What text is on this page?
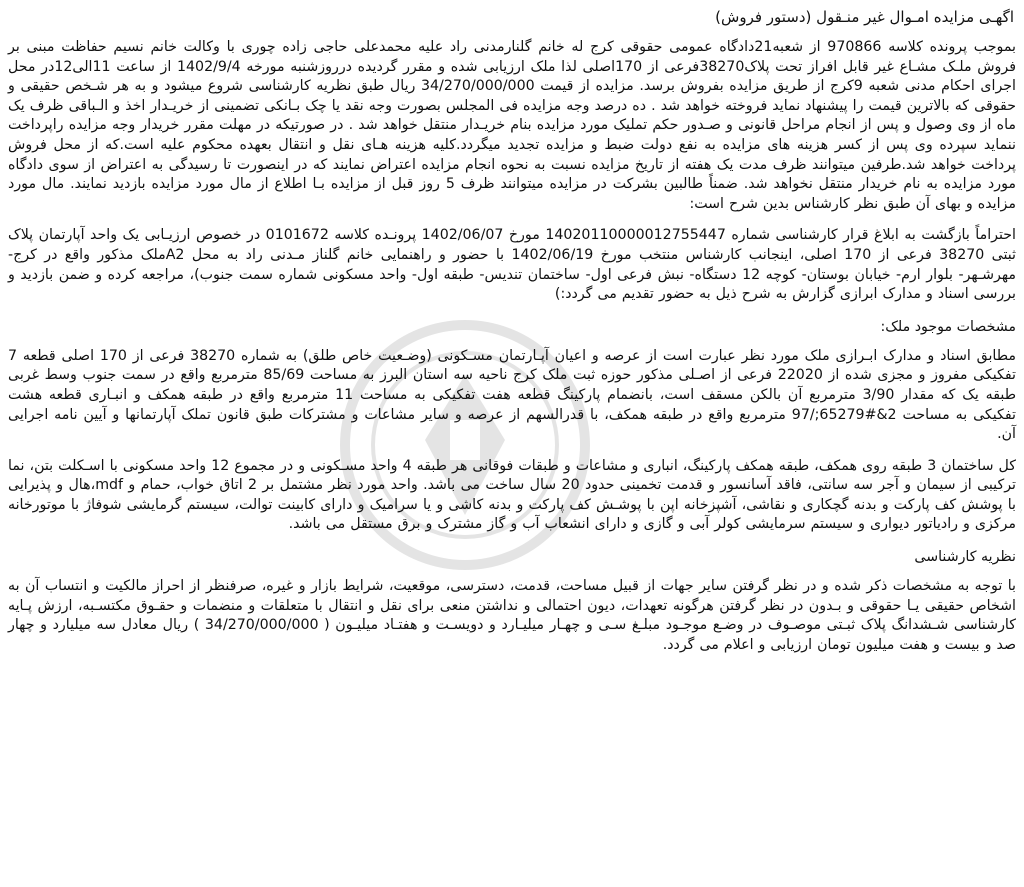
اگهـی مزایده امـوال غیر منـقول (دستور فروش)

بموجب پرونده کلاسه 970866 از شعبه21دادگاه عمومی حقوقی کرج له خانم گلنارمدنی راد علیه محمدعلی حاجی زاده چوری با وکالت خانم نسیم حفاظت مبنی بر فروش ملـک مشـاع غیر قابل افراز تحت پلاک38270فرعی از 170اصلی لذا ملک ارزیابی شده و مقرر گردیده درروزشنبه مورخه 1402/9/4 از ساعت 11الی12در محل اجرای احکام مدنی شعبه 9کرج از طریق مزایده بفروش برسد. مزایده از قیمت 34/270/000/000 ریال طبق نظریه کارشناسی شروع میشود و به هر شـخص حقیقی و حقوقی که بالاترین قیمت را پیشنهاد نماید فروخته خواهد شد . ده درصد وجه مزایده فی المجلس بصورت وجه نقد یا چک بـانکی تضمینی از خریـدار اخذ و الـباقی ظرف یک ماه از وی وصول و پس از انجام مراحل قانونی و صـدور حکم تملیک مورد مزایده بنام خریـدار منتقل خواهد شد . در صورتیکه در مهلت مقرر خریدار وجه مزایده راپرداخت ننماید سپرده وی پس از کسر هزینه های مزایده به نفع دولت ضبط و مزایده تجدید میگردد.کلیه هزینه هـای نقل و انتقال بعهده محکوم علیه است.که از محل فروش پرداخت خواهد شد.طرفین میتوانند ظرف مدت یک هفته از تاریخ مزایده نسبت به نحوه انجام مزایده اعتراض نمایند که در اینصورت تا رسیدگی به اعتراض از سوی دادگاه مورد مزایده به نام خریدار منتقل نخواهد شد. ضمناً طالبین بشرکت در مزایده میتوانند ظرف 5 روز قبل از مزایده بـا اطلاع از مال مورد مزایده بازدید نمایند. مال مورد مزایده و بهای آن طبق نظر کارشناس بدین شرح است:

احتراماً بازگشت به ابلاغ قرار کارشناسی شماره 14020110000012755447 مورخ 1402/06/07 پرونـده کلاسه 0101672 در خصوص ارزیـابی یک واحد آپارتمان پلاک ثبتی 38270 فرعی از 170 اصلی، اینجانب کارشناس منتخب مورخ 1402/06/19 با حضور و راهنمایی خانم گلناز مـدنی راد به محل A2ملک مذکور واقع در کرج- مهرشـهر- بلوار ارم- خیابان بوستان- کوچه 12 دستگاه- نبش فرعی اول- ساختمان تندیس- طبقه اول- واحد مسکونی شماره سمت جنوب)، مراجعه کرده و ضمن بازدید و بررسی اسناد و مدارک ابرازی گزارش به شرح ذیل به حضور تقدیم می گردد:)

مشخصات موجود ملک:

مطابق اسناد و مدارک ابـرازی ملک مورد نظر عبارت است از عرصه و اعیان آپـارتمان مسـکونی (وضـعیت خاص طلق) به شماره 38270 فرعی از 170 اصلی قطعه 7 تفکیکی مفروز و مجزی شده از 22020 فرعی از اصـلی مذکور حوزه ثبت ملک کرج ناحیه سه استان البرز به مساحت 85/69 مترمربع واقع در سمت جنوب وسط غربی طبقه یک که مقدار 3/90 مترمربع آن بالکن مسقف است، بانضمام پارکینگ قطعه هفت تفکیکی به مساحت 11 مترمربع واقع در طبقه همکف و انبـاری قطعه هشت تفکیکی به مساحت 2&#65279;/97 مترمربع واقع در طبقه همکف، با قدرالسهم از عرصه و سایر مشاعات و مشترکات طبق قانون تملک آپارتمانها و آیین نامه اجرایی آن.

کل ساختمان 3 طبقه روی همکف، طبقه همکف پارکینگ، انباری و مشاعات و طبقات فوقانی هر طبقه 4 واحد مسـکونی و در مجموع 12 واحد مسکونی با اسـکلت بتن، نما ترکیبی از سیمان و آجر سه سانتی، فاقد آسانسور و قدمت تخمینی حدود 20 سال ساخت می باشد. واحد مورد نظر مشتمل بر 2 اتاق خواب، حمام و mdf،هال و پذیرایی با پوشش کف پارکت و بدنه گچکاری و نقاشی، آشپزخانه اپن با پوشـش کف پارکت و بدنه کاشی و یا سرامیک و دارای کابینت توالت، سیستم گرمایشی شوفاژ با موتورخانه مرکزی و رادیاتور دیواری و سیستم سرمایشی کولر آبی و گازی و دارای انشعاب آب و گاز مشترک و برق مستقل می باشد.

نظریه کارشناسی

با توجه به مشخصات ذکر شده و در نظر گرفتن سایر جهات از قبیل مساحت، قدمت، دسترسی، موقعیت، شرایط بازار و غیره، صرفنظر از احراز مالکیت و انتساب آن به اشخاص حقیقی یـا حقوقی و بـدون در نظر گرفتن هرگونه تعهدات، دیون احتمالی و نداشتن منعی برای نقل و انتقال با متعلقات و منضمات و حقـوق مکتسـبه، ارزش پـایه کارشناسی شـشدانگ پلاک ثبـتی موصـوف در وضـع موجـود مبلـغ سـی و چهـار میلیـارد و دویسـت و هفتـاد میلیـون ( 34/270/000/000 ) ریال معادل سه میلیارد و چهار صد و بیست و هفت میلیون تومان ارزیابی و اعلام می گردد.
